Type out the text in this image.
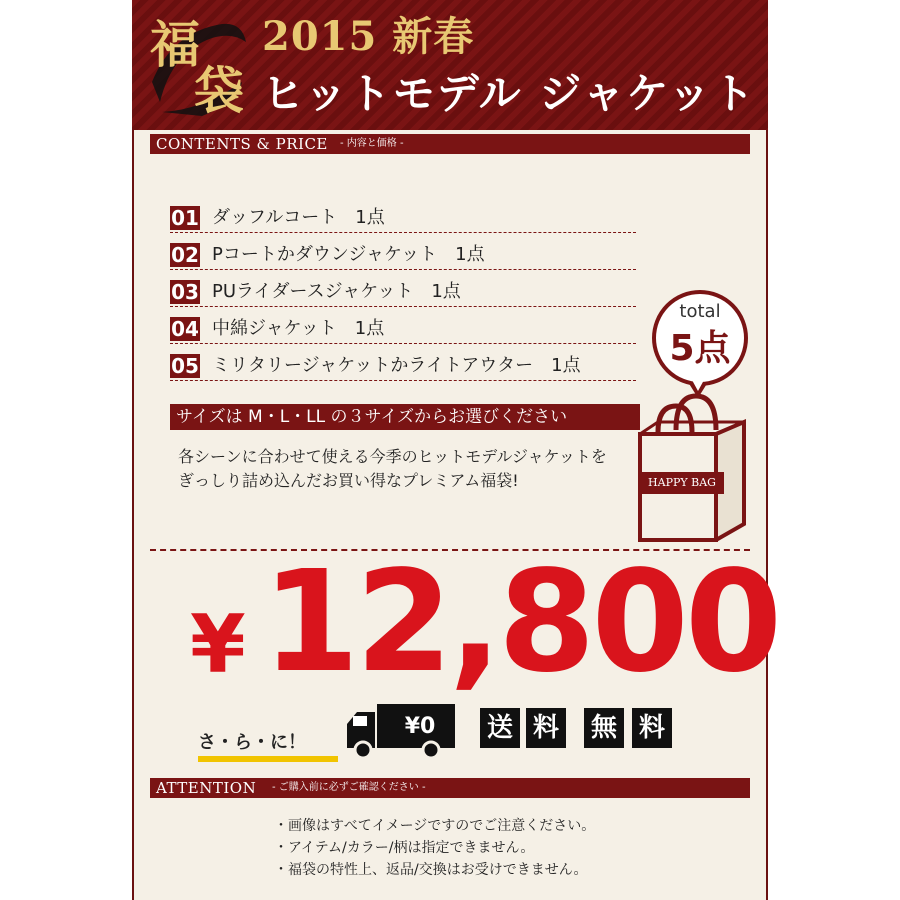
福
袋
2015 新春
ヒットモデル ジャケット
CONTENTS & PRICE - 内容と価格 -
01 ダッフルコート　1点
02 Pコートかダウンジャケット　1点
03 PUライダースジャケット　1点
04 中綿ジャケット　1点
05 ミリタリージャケットかライトアウター　1点
total
5点
サイズは M・L・LL の３サイズからお選びください
各シーンに合わせて使える今季のヒットモデルジャケットを
ぎっしり詰め込んだお買い得なプレミアム福袋!	HAPPY BAG
¥ 12,800
さ・ら・に！
¥0	送 料 無 料
ATTENTION - ご購入前に必ずご確認ください -
・画像はすべてイメージですのでご注意ください。
・アイテム/カラー/柄は指定できません。
・福袋の特性上、返品/交換はお受けできません。
